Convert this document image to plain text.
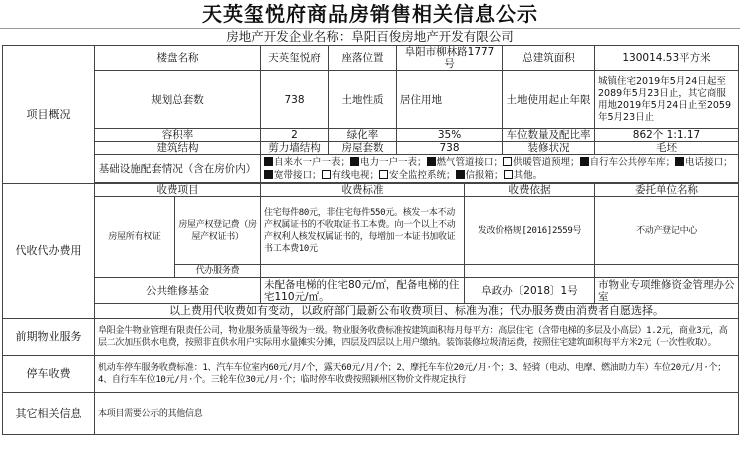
天英玺悦府商品房销售相关信息公示
房地产开发企业名称：阜阳百俊房地产开发有限公司
项目概况	楼盘名称		天英玺悦府	座落位置	阜阳市柳林路1777号		总建筑面积	130014.53平方米
	规划总套数		738	土地性质	居住用地		土地使用起止年限	城镇住宅2019年5月24日起至2089年5月23日止，其它商服用地2019年5月24日止至2059年5月23日止
	容积率		2	绿化率	35%		车位数量及配比率	862个 1:1.17
	建筑结构		剪力墙结构	房屋套数	738		装修状况	毛坯
	基础设施配套情况（含在房价内）		自来水一户一表； 电力一户一表； 燃气管道接口； 供暖管道预埋； 自行车公共停车库； 电话接口；宽带接口； 有线电视； 安全监控系统； 信报箱； 其他。					

代收代办费用	收费项目		收费标准			收费依据		委托单位名称
	房屋所有权证	房屋产权登记费（房屋产权证书）	住宅每件80元，非住宅每件550元。核发一本不动产权属证书的不收取证书工本费。向一个以上不动产权利人核发权属证书的，每增加一本证书加收证书工本费10元			发改价格规[2016]2559号		不动产登记中心
		代办服务费						
	公共维修基金		未配备电梯的住宅80元/㎡，配备电梯的住宅110元/㎡。			阜政办〔2018〕1号		市物业专项维修资金管理办公室
	以上费用代收费如有变动，以政府部门最新公布收费项目、标准为准；代办服务费由消费者自愿选择。							
前期物业服务	阜阳金牛物业管理有限责任公司，物业服务质量等级为一级。物业服务收费标准按建筑面积每月每平方：高层住宅（含带电梯的多层及小高层）1.2元，商业3元，高层二次加压供水电费，按照非直供水用户实际用水量摊实分摊，四层及四层以上用户缴纳。装饰装修垃圾清运费，按照住宅建筑面积每平方米2元（一次性收取）。							
停车收费	机动车停车服务收费标准：1、汽车车位室内60元/月/个，露天60元/月/个；2、摩托车车位20元/月·个；3、轻骑（电动、电摩、燃油助力车）车位20元/月·个；4、自行车车位10元/月·个。三轮车位30元/月·个；临时停车收费按照颍州区物价文件规定执行							
其它相关信息	本项目需要公示的其他信息							
